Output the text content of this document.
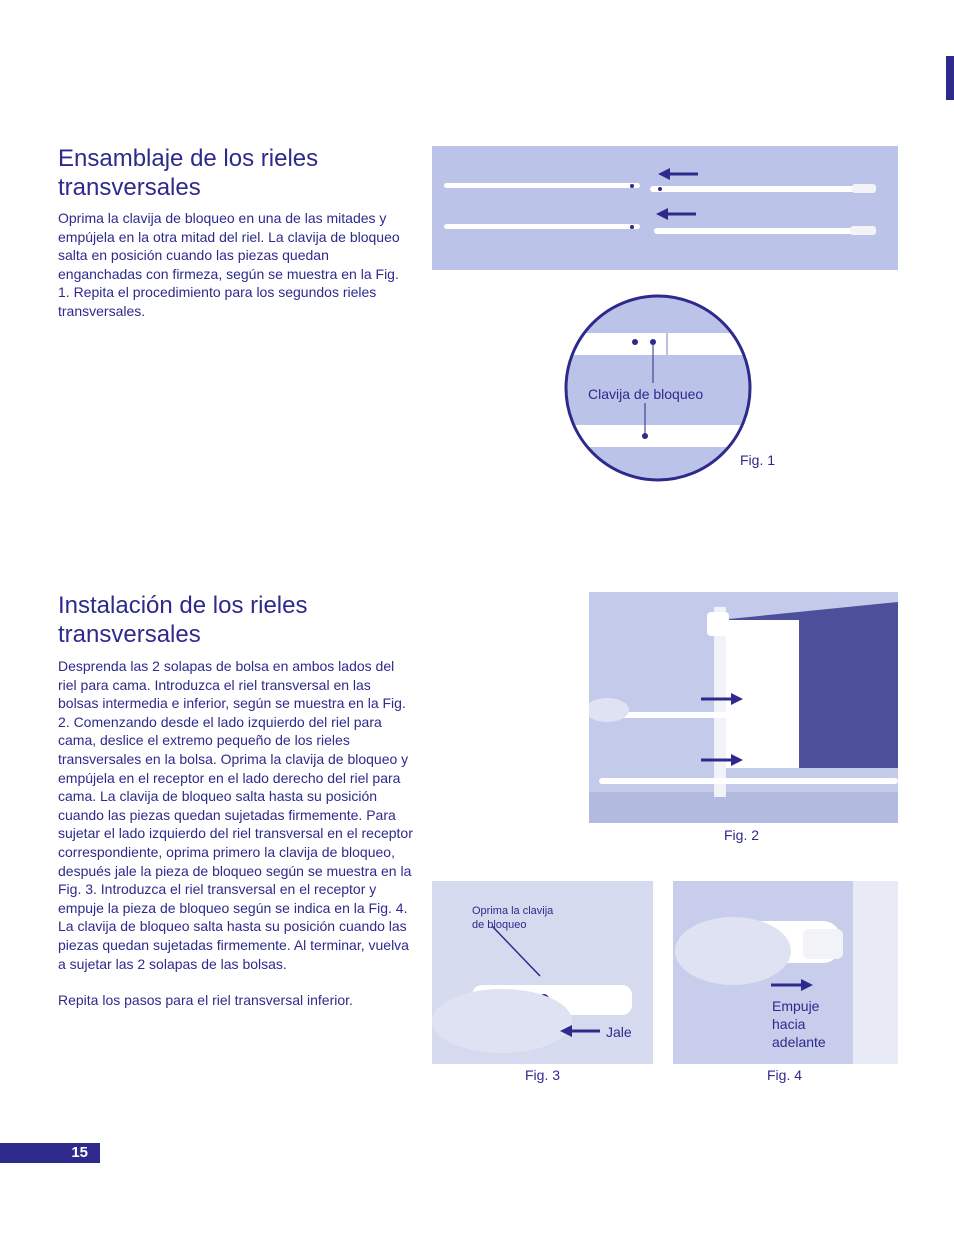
Ensamblaje de los rieles
transversales

Oprima la clavija de bloqueo en una de las mitades y empújela en la otra mitad del riel. La clavija de bloqueo salta en posición cuando las piezas quedan enganchadas con firmeza, según se muestra en la Fig. 1. Repita el procedimiento para los segundos rieles transversales.

Clavija de bloqueo
Fig. 1
Instalación de los rieles
transversales

Desprenda las 2 solapas de bolsa en ambos lados del riel para cama. Introduzca el riel transversal en las bolsas intermedia e inferior, según se muestra en la Fig. 2. Comenzando desde el lado izquierdo del riel para cama, deslice el extremo pequeño de los rieles transversales en la bolsa. Oprima la clavija de bloqueo y empújela en el receptor en el lado derecho del riel para cama. La clavija de bloqueo salta hasta su posición cuando las piezas quedan sujetadas firmemente. Para sujetar el lado izquierdo del riel transversal en el receptor correspondiente, oprima primero la clavija de bloqueo, después jale la pieza de bloqueo según se muestra en la Fig. 3. Introduzca el riel transversal en el receptor y empuje la pieza de bloqueo según se indica en la Fig. 4. La clavija de bloqueo salta hasta su posición cuando las piezas quedan sujetadas firmemente. Al terminar, vuelva a sujetar las 2 solapas de las bolsas.

Repita los pasos para el riel transversal inferior.

Fig. 2
Oprima la clavija
de bloqueo
Jale
Fig. 3
Empuje
hacia
adelante
Fig. 4
15
